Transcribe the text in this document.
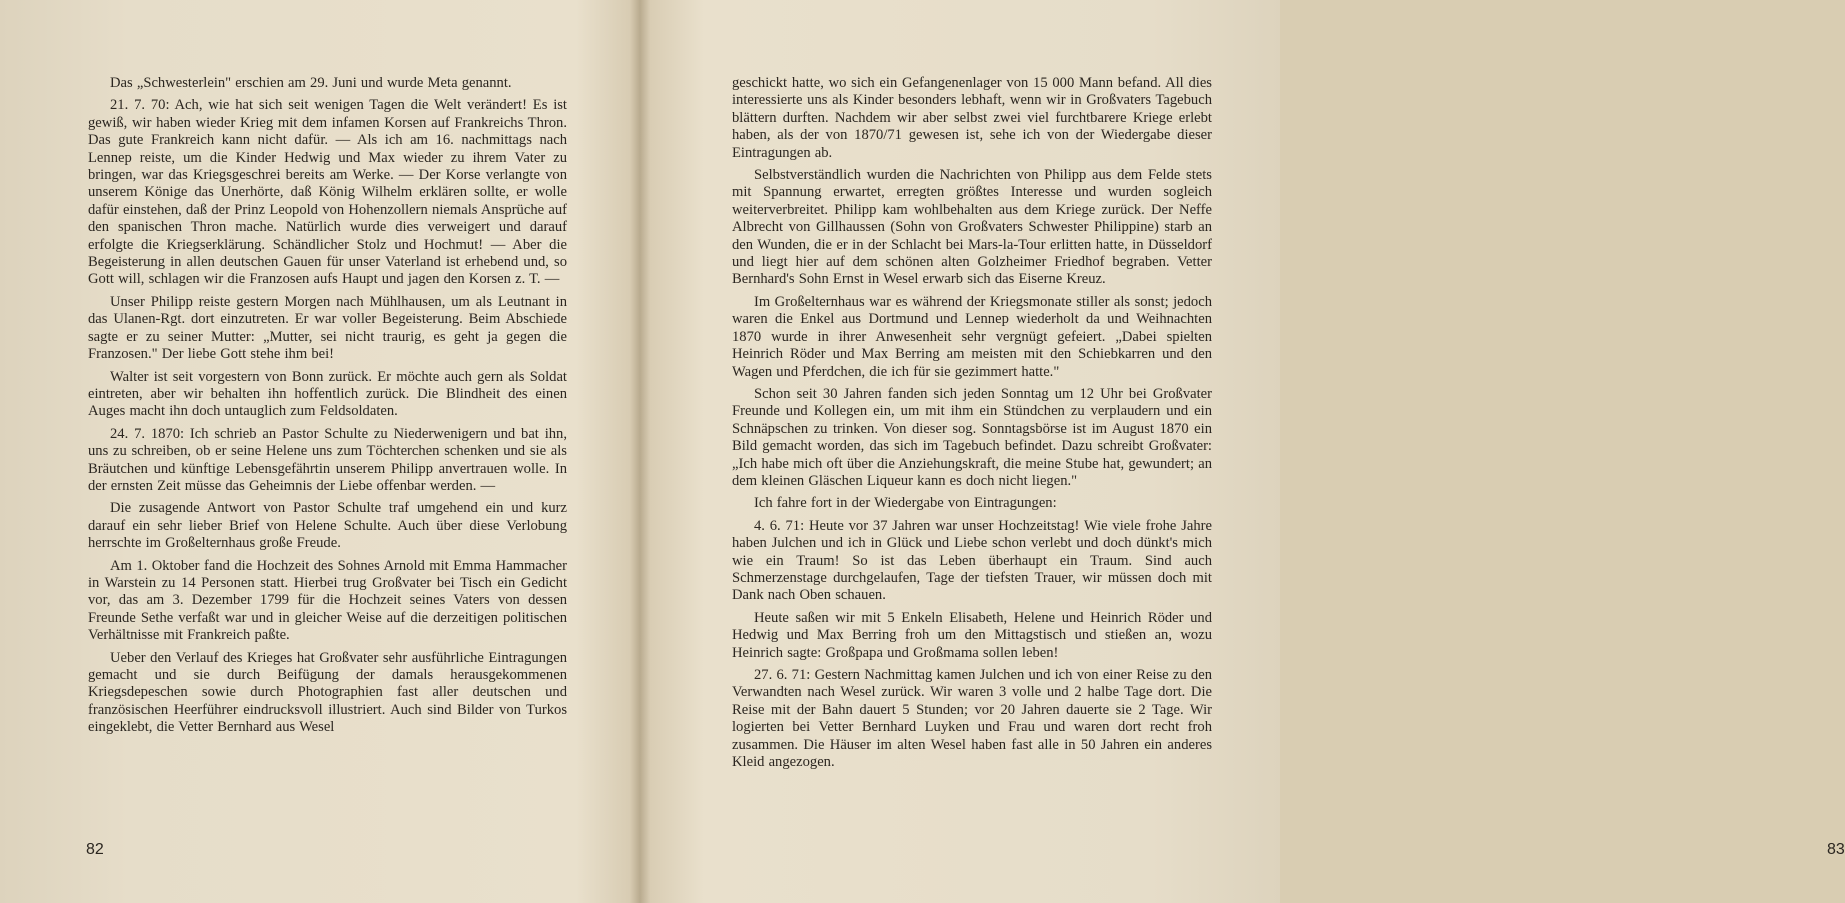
Das „Schwesterlein" erschien am 29. Juni und wurde Meta genannt.

21. 7. 70: Ach, wie hat sich seit wenigen Tagen die Welt verändert! Es ist gewiß, wir haben wieder Krieg mit dem infamen Korsen auf Frankreichs Thron. Das gute Frankreich kann nicht dafür. — Als ich am 16. nachmittags nach Lennep reiste, um die Kinder Hedwig und Max wieder zu ihrem Vater zu bringen, war das Kriegsgeschrei bereits am Werke. — Der Korse verlangte von unserem Könige das Unerhörte, daß König Wilhelm erklären sollte, er wolle dafür einstehen, daß der Prinz Leopold von Hohenzollern niemals Ansprüche auf den spanischen Thron mache. Natürlich wurde dies verweigert und darauf erfolgte die Kriegserklärung. Schändlicher Stolz und Hochmut! — Aber die Begeisterung in allen deutschen Gauen für unser Vaterland ist erhebend und, so Gott will, schlagen wir die Franzosen aufs Haupt und jagen den Korsen z. T. —

Unser Philipp reiste gestern Morgen nach Mühlhausen, um als Leutnant in das Ulanen-Rgt. dort einzutreten. Er war voller Begeisterung. Beim Abschiede sagte er zu seiner Mutter: „Mutter, sei nicht traurig, es geht ja gegen die Franzosen." Der liebe Gott stehe ihm bei!

Walter ist seit vorgestern von Bonn zurück. Er möchte auch gern als Soldat eintreten, aber wir behalten ihn hoffentlich zurück. Die Blindheit des einen Auges macht ihn doch untauglich zum Feldsoldaten.

24. 7. 1870: Ich schrieb an Pastor Schulte zu Niederwenigern und bat ihn, uns zu schreiben, ob er seine Helene uns zum Töchterchen schenken und sie als Bräutchen und künftige Lebensgefährtin unserem Philipp anvertrauen wolle. In der ernsten Zeit müsse das Geheimnis der Liebe offenbar werden. —

Die zusagende Antwort von Pastor Schulte traf umgehend ein und kurz darauf ein sehr lieber Brief von Helene Schulte. Auch über diese Verlobung herrschte im Großelternhaus große Freude.

Am 1. Oktober fand die Hochzeit des Sohnes Arnold mit Emma Hammacher in Warstein zu 14 Personen statt. Hierbei trug Großvater bei Tisch ein Gedicht vor, das am 3. Dezember 1799 für die Hochzeit seines Vaters von dessen Freunde Sethe verfaßt war und in gleicher Weise auf die derzeitigen politischen Verhältnisse mit Frankreich paßte.

Ueber den Verlauf des Krieges hat Großvater sehr ausführliche Eintragungen gemacht und sie durch Beifügung der damals herausgekommenen Kriegsdepeschen sowie durch Photographien fast aller deutschen und französischen Heerführer eindrucksvoll illustriert. Auch sind Bilder von Turkos eingeklebt, die Vetter Bernhard aus Wesel

82

geschickt hatte, wo sich ein Gefangenenlager von 15 000 Mann befand. All dies interessierte uns als Kinder besonders lebhaft, wenn wir in Großvaters Tagebuch blättern durften. Nachdem wir aber selbst zwei viel furchtbarere Kriege erlebt haben, als der von 1870/71 gewesen ist, sehe ich von der Wiedergabe dieser Eintragungen ab.

Selbstverständlich wurden die Nachrichten von Philipp aus dem Felde stets mit Spannung erwartet, erregten größtes Interesse und wurden sogleich weiterverbreitet. Philipp kam wohlbehalten aus dem Kriege zurück. Der Neffe Albrecht von Gillhaussen (Sohn von Großvaters Schwester Philippine) starb an den Wunden, die er in der Schlacht bei Mars-la-Tour erlitten hatte, in Düsseldorf und liegt hier auf dem schönen alten Golzheimer Friedhof begraben. Vetter Bernhard's Sohn Ernst in Wesel erwarb sich das Eiserne Kreuz.

Im Großelternhaus war es während der Kriegsmonate stiller als sonst; jedoch waren die Enkel aus Dortmund und Lennep wiederholt da und Weihnachten 1870 wurde in ihrer Anwesenheit sehr vergnügt gefeiert. „Dabei spielten Heinrich Röder und Max Berring am meisten mit den Schiebkarren und den Wagen und Pferdchen, die ich für sie gezimmert hatte."

Schon seit 30 Jahren fanden sich jeden Sonntag um 12 Uhr bei Großvater Freunde und Kollegen ein, um mit ihm ein Stündchen zu verplaudern und ein Schnäpschen zu trinken. Von dieser sog. Sonntagsbörse ist im August 1870 ein Bild gemacht worden, das sich im Tagebuch befindet. Dazu schreibt Großvater: „Ich habe mich oft über die Anziehungskraft, die meine Stube hat, gewundert; an dem kleinen Gläschen Liqueur kann es doch nicht liegen."

Ich fahre fort in der Wiedergabe von Eintragungen:

4. 6. 71: Heute vor 37 Jahren war unser Hochzeitstag! Wie viele frohe Jahre haben Julchen und ich in Glück und Liebe schon verlebt und doch dünkt's mich wie ein Traum! So ist das Leben überhaupt ein Traum. Sind auch Schmerzenstage durchgelaufen, Tage der tiefsten Trauer, wir müssen doch mit Dank nach Oben schauen.

Heute saßen wir mit 5 Enkeln Elisabeth, Helene und Heinrich Röder und Hedwig und Max Berring froh um den Mittagstisch und stießen an, wozu Heinrich sagte: Großpapa und Großmama sollen leben!

27. 6. 71: Gestern Nachmittag kamen Julchen und ich von einer Reise zu den Verwandten nach Wesel zurück. Wir waren 3 volle und 2 halbe Tage dort. Die Reise mit der Bahn dauert 5 Stunden; vor 20 Jahren dauerte sie 2 Tage. Wir logierten bei Vetter Bernhard Luyken und Frau und waren dort recht froh zusammen. Die Häuser im alten Wesel haben fast alle in 50 Jahren ein anderes Kleid angezogen.

83
